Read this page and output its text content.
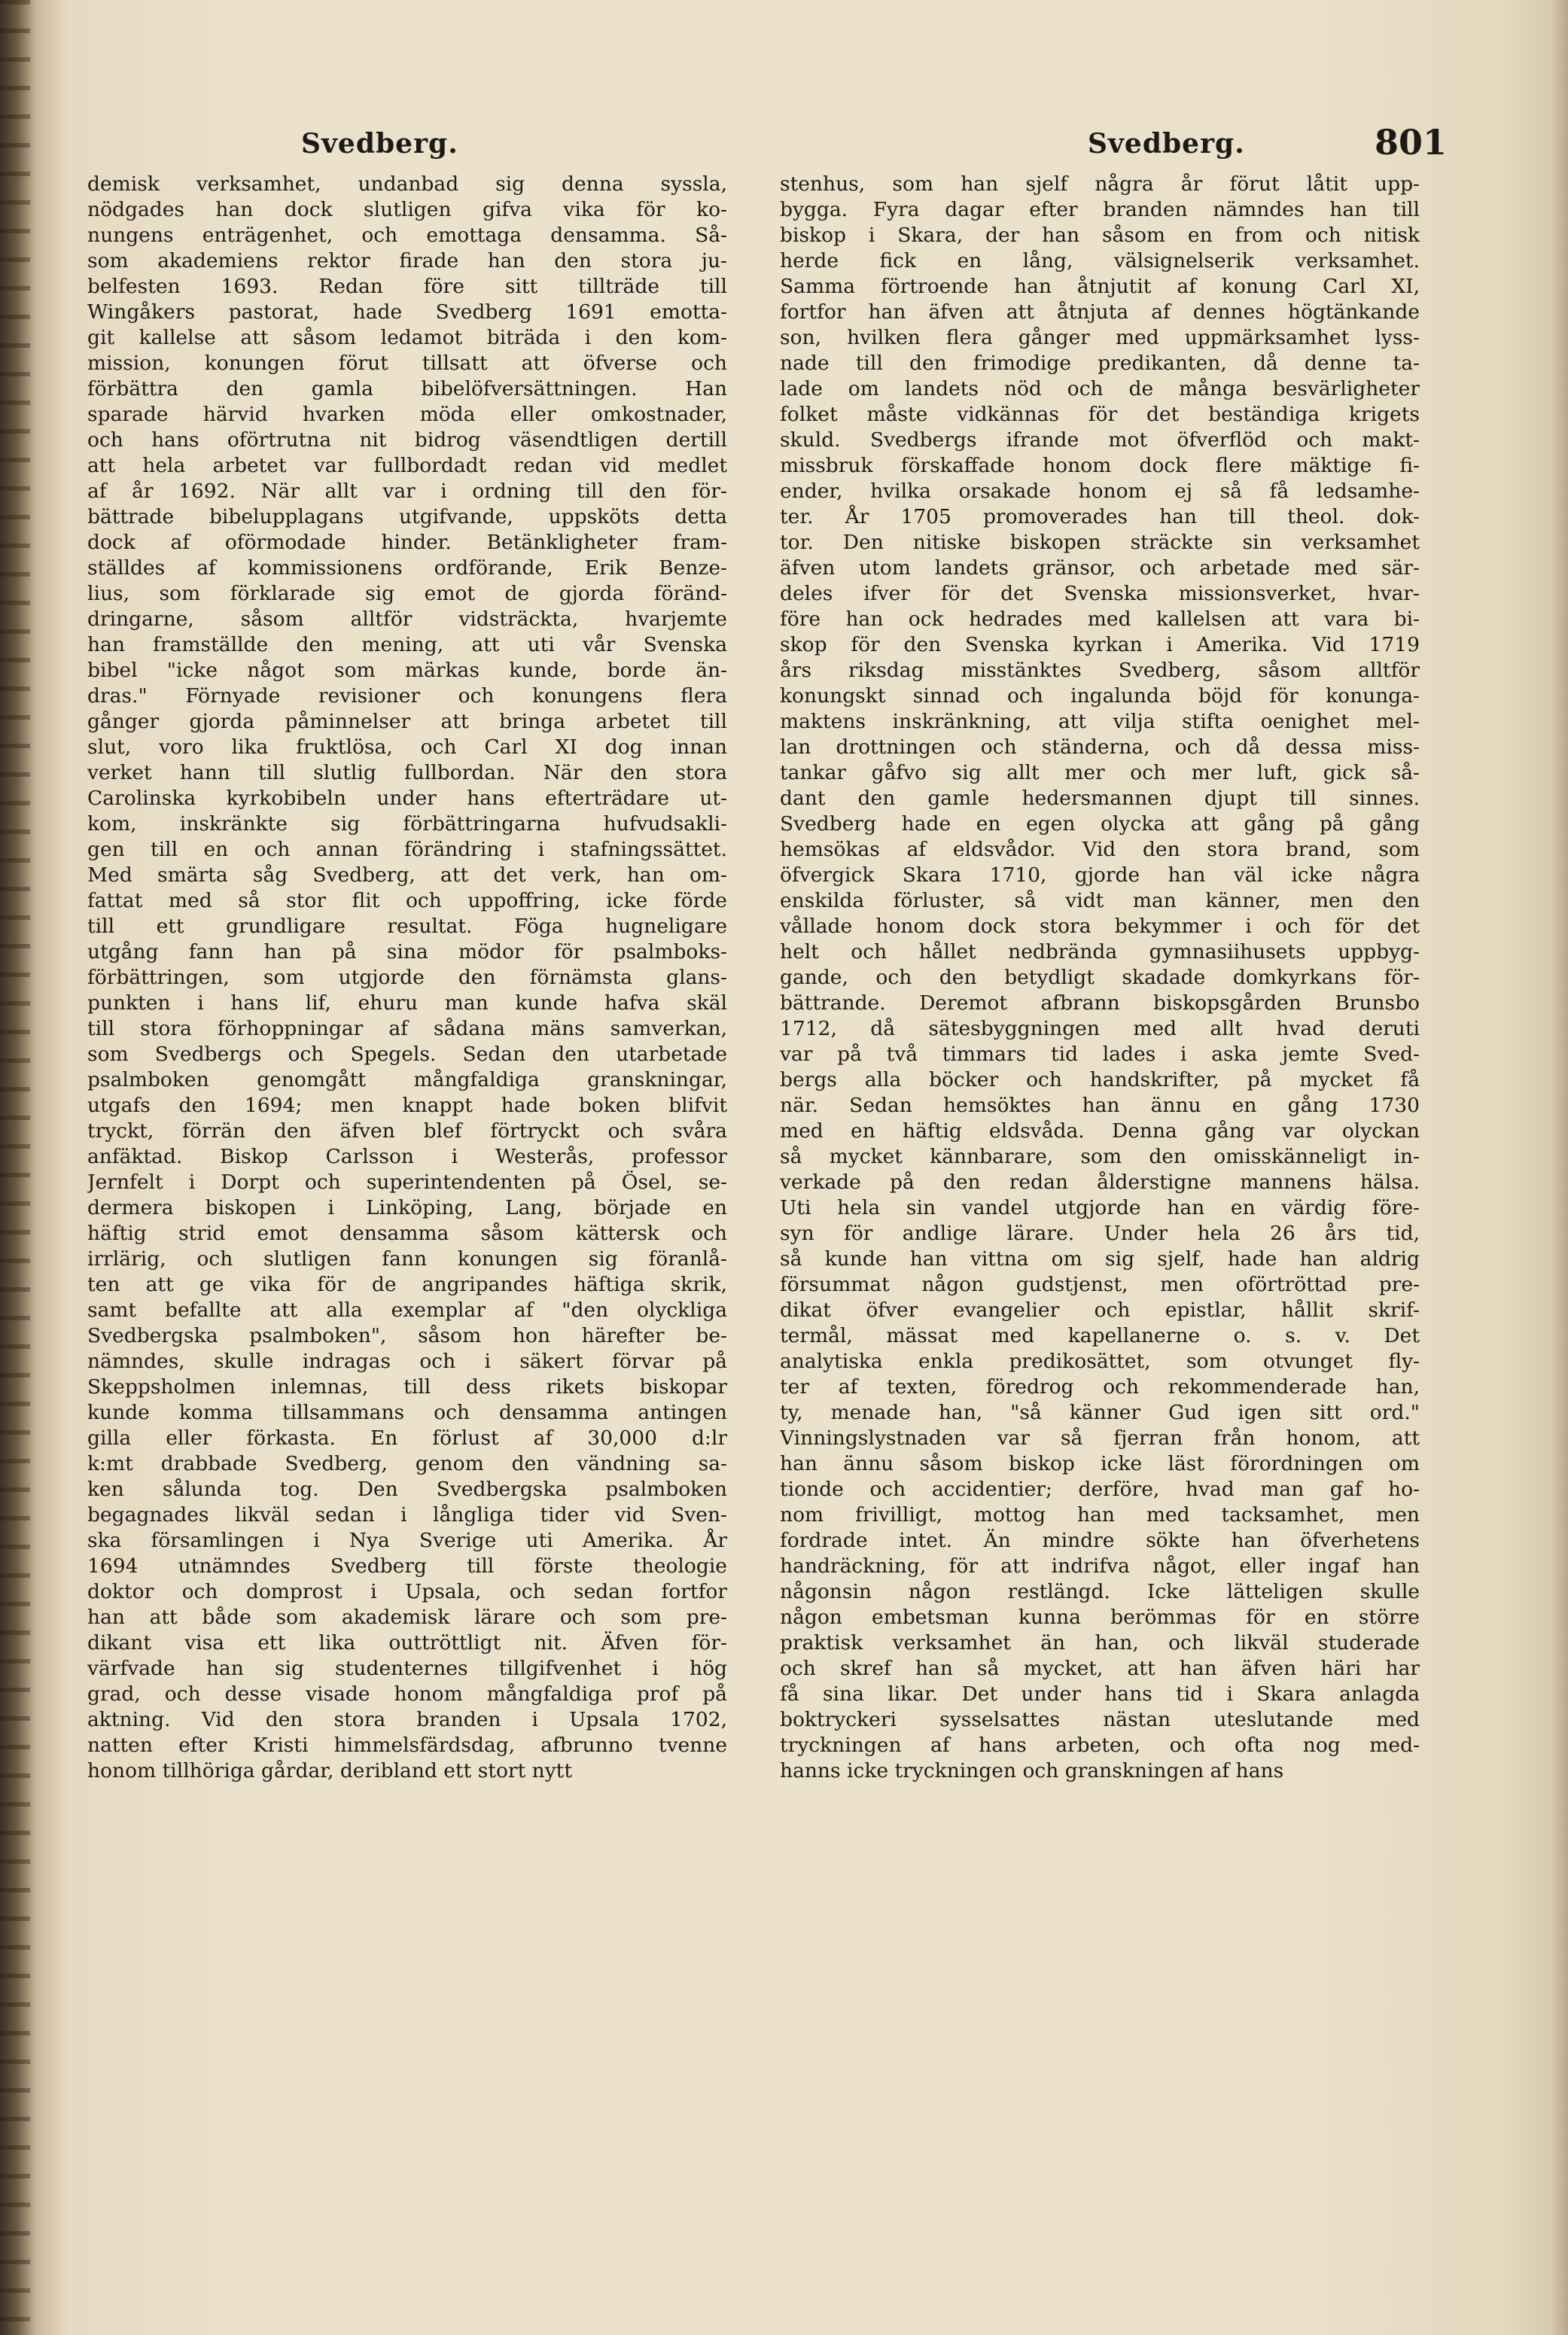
Svedberg.	Svedberg.	801
demisk verksamhet, undanbad sig denna syssla,
nödgades han dock slutligen gifva vika för ko-
nungens enträgenhet, och emottaga densamma. Så-
som akademiens rektor firade han den stora ju-
belfesten 1693. Redan före sitt tillträde till
Wingåkers pastorat, hade Svedberg 1691 emotta-
git kallelse att såsom ledamot biträda i den kom-
mission, konungen förut tillsatt att öfverse och
förbättra den gamla bibelöfversättningen. Han
sparade härvid hvarken möda eller omkostnader,
och hans oförtrutna nit bidrog väsendtligen dertill
att hela arbetet var fullbordadt redan vid medlet
af år 1692. När allt var i ordning till den för-
bättrade bibelupplagans utgifvande, uppsköts detta
dock af oförmodade hinder. Betänkligheter fram-
ställdes af kommissionens ordförande, Erik Benze-
lius, som förklarade sig emot de gjorda föränd-
dringarne, såsom alltför vidsträckta, hvarjemte
han framställde den mening, att uti vår Svenska
bibel "icke något som märkas kunde, borde än-
dras." Förnyade revisioner och konungens flera
gånger gjorda påminnelser att bringa arbetet till
slut, voro lika fruktlösa, och Carl XI dog innan
verket hann till slutlig fullbordan. När den stora
Carolinska kyrkobibeln under hans efterträdare ut-
kom, inskränkte sig förbättringarna hufvudsakli-
gen till en och annan förändring i stafningssättet.
Med smärta såg Svedberg, att det verk, han om-
fattat med så stor flit och uppoffring, icke förde
till ett grundligare resultat. Föga hugneligare
utgång fann han på sina mödor för psalmboks-
förbättringen, som utgjorde den förnämsta glans-
punkten i hans lif, ehuru man kunde hafva skäl
till stora förhoppningar af sådana mäns samverkan,
som Svedbergs och Spegels. Sedan den utarbetade
psalmboken genomgått mångfaldiga granskningar,
utgafs den 1694; men knappt hade boken blifvit
tryckt, förrän den äfven blef förtryckt och svåra
anfäktad. Biskop Carlsson i Westerås, professor
Jernfelt i Dorpt och superintendenten på Ösel, se-
dermera biskopen i Linköping, Lang, började en
häftig strid emot densamma såsom kättersk och
irrlärig, och slutligen fann konungen sig föranlå-
ten att ge vika för de angripandes häftiga skrik,
samt befallte att alla exemplar af "den olyckliga
Svedbergska psalmboken", såsom hon härefter be-
nämndes, skulle indragas och i säkert förvar på
Skeppsholmen inlemnas, till dess rikets biskopar
kunde komma tillsammans och densamma antingen
gilla eller förkasta. En förlust af 30,000 d:lr
k:mt drabbade Svedberg, genom den vändning sa-
ken sålunda tog. Den Svedbergska psalmboken
begagnades likväl sedan i långliga tider vid Sven-
ska församlingen i Nya Sverige uti Amerika. År
1694 utnämndes Svedberg till förste theologie
doktor och domprost i Upsala, och sedan fortfor
han att både som akademisk lärare och som pre-
dikant visa ett lika outtröttligt nit. Äfven för-
värfvade han sig studenternes tillgifvenhet i hög
grad, och desse visade honom mångfaldiga prof på
aktning. Vid den stora branden i Upsala 1702,
natten efter Kristi himmelsfärdsdag, afbrunno tvenne
honom tillhöriga gårdar, deribland ett stort nytt
stenhus, som han sjelf några år förut låtit upp-
bygga. Fyra dagar efter branden nämndes han till
biskop i Skara, der han såsom en from och nitisk
herde fick en lång, välsignelserik verksamhet.
Samma förtroende han åtnjutit af konung Carl XI,
fortfor han äfven att åtnjuta af dennes högtänkande
son, hvilken flera gånger med uppmärksamhet lyss-
nade till den frimodige predikanten, då denne ta-
lade om landets nöd och de många besvärligheter
folket måste vidkännas för det beständiga krigets
skuld. Svedbergs ifrande mot öfverflöd och makt-
missbruk förskaffade honom dock flere mäktige fi-
ender, hvilka orsakade honom ej så få ledsamhe-
ter. År 1705 promoverades han till theol. dok-
tor. Den nitiske biskopen sträckte sin verksamhet
äfven utom landets gränsor, och arbetade med sär-
deles ifver för det Svenska missionsverket, hvar-
före han ock hedrades med kallelsen att vara bi-
skop för den Svenska kyrkan i Amerika. Vid 1719
års riksdag misstänktes Svedberg, såsom alltför
konungskt sinnad och ingalunda böjd för konunga-
maktens inskränkning, att vilja stifta oenighet mel-
lan drottningen och ständerna, och då dessa miss-
tankar gåfvo sig allt mer och mer luft, gick så-
dant den gamle hedersmannen djupt till sinnes.
Svedberg hade en egen olycka att gång på gång
hemsökas af eldsvådor. Vid den stora brand, som
öfvergick Skara 1710, gjorde han väl icke några
enskilda förluster, så vidt man känner, men den
vållade honom dock stora bekymmer i och för det
helt och hållet nedbrända gymnasiihusets uppbyg-
gande, och den betydligt skadade domkyrkans för-
bättrande. Deremot afbrann biskopsgården Brunsbo
1712, då sätesbyggningen med allt hvad deruti
var på två timmars tid lades i aska jemte Sved-
bergs alla böcker och handskrifter, på mycket få
när. Sedan hemsöktes han ännu en gång 1730
med en häftig eldsvåda. Denna gång var olyckan
så mycket kännbarare, som den omisskänneligt in-
verkade på den redan ålderstigne mannens hälsa.
Uti hela sin vandel utgjorde han en värdig före-
syn för andlige lärare. Under hela 26 års tid,
så kunde han vittna om sig sjelf, hade han aldrig
försummat någon gudstjenst, men oförtröttad pre-
dikat öfver evangelier och epistlar, hållit skrif-
termål, mässat med kapellanerne o. s. v. Det
analytiska enkla predikosättet, som otvunget fly-
ter af texten, föredrog och rekommenderade han,
ty, menade han, "så känner Gud igen sitt ord."
Vinningslystnaden var så fjerran från honom, att
han ännu såsom biskop icke läst förordningen om
tionde och accidentier; derföre, hvad man gaf ho-
nom frivilligt, mottog han med tacksamhet, men
fordrade intet. Än mindre sökte han öfverhetens
handräckning, för att indrifva något, eller ingaf han
någonsin någon restlängd. Icke lätteligen skulle
någon embetsman kunna berömmas för en större
praktisk verksamhet än han, och likväl studerade
och skref han så mycket, att han äfven häri har
få sina likar. Det under hans tid i Skara anlagda
boktryckeri sysselsattes nästan uteslutande med
tryckningen af hans arbeten, och ofta nog med-
hanns icke tryckningen och granskningen af hans
